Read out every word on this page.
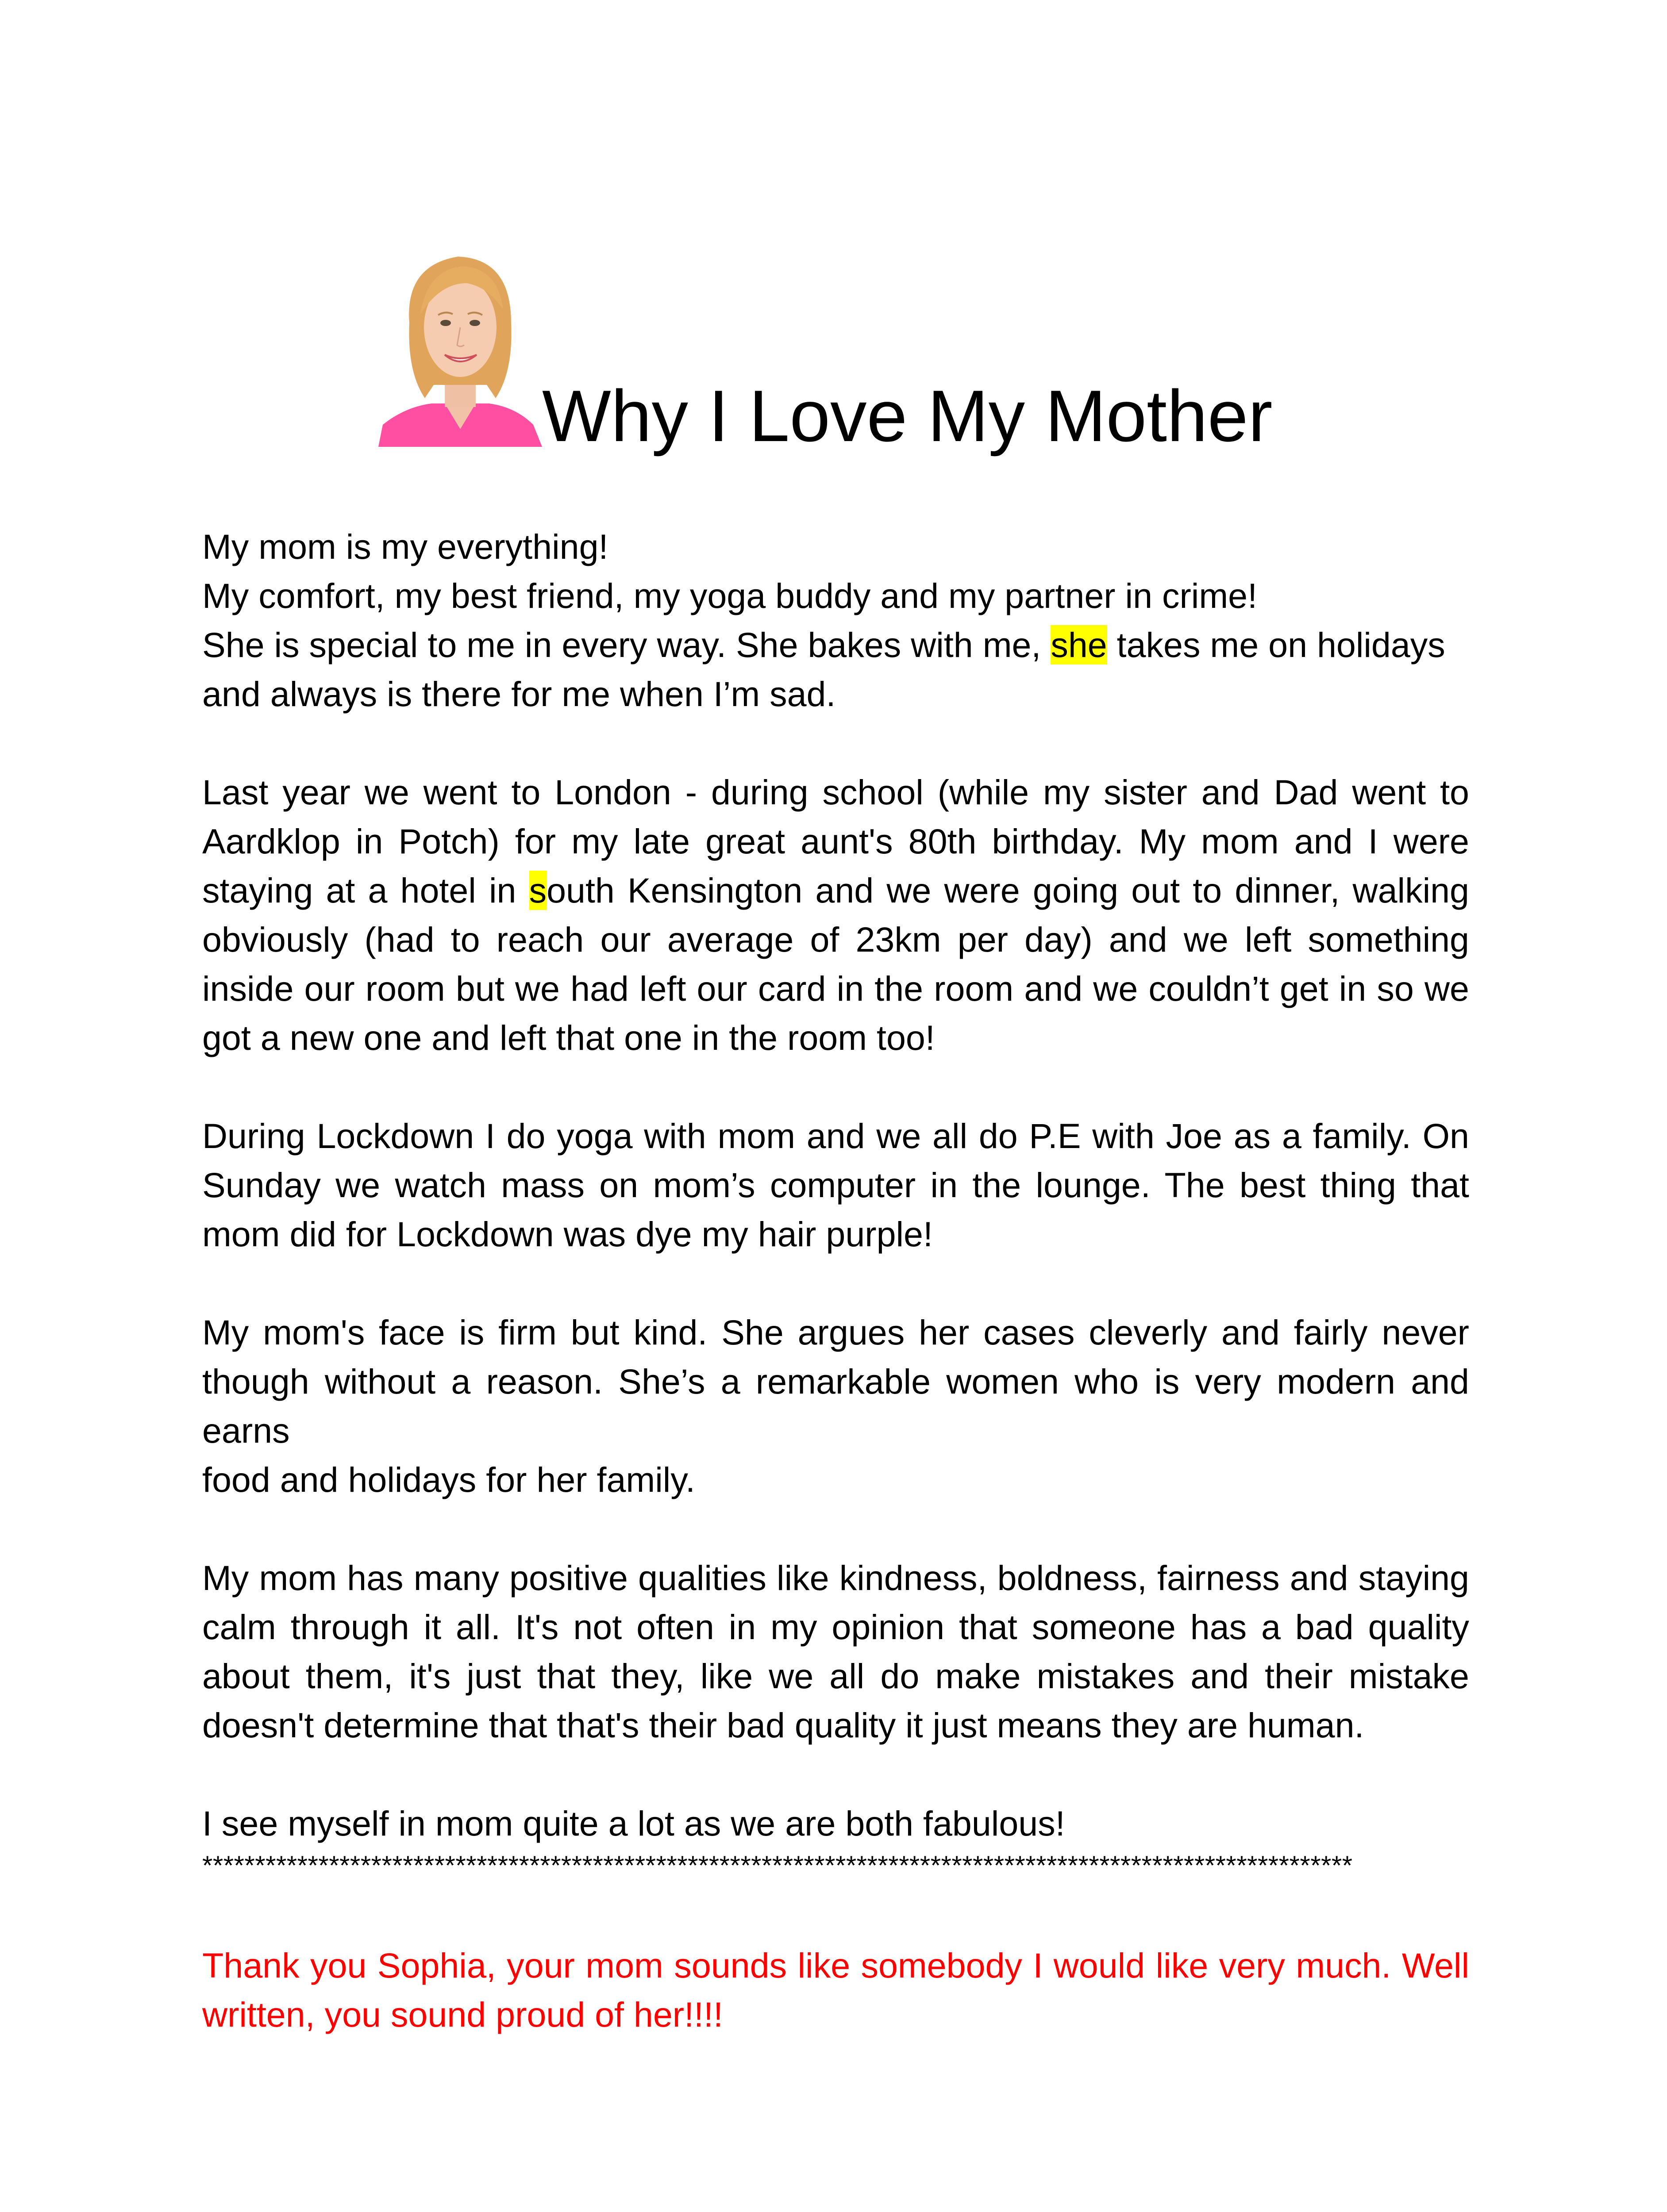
Why I Love My Mother
My mom is my everything!
My comfort, my best friend, my yoga buddy and my partner in crime!
She is special to me in every way. She bakes with me, she takes me on holidays
and always is there for me when I’m sad.

Last year we went to London - during school (while my sister and Dad went to Aardklop in Potch) for my late great aunt's 80th birthday. My mom and I were staying at a hotel in south Kensington and we were going out to dinner, walking obviously (had to reach our average of 23km per day) and we left something inside our room but we had left our card in the room and we couldn’t get in so we got a new one and left that one in the room too!

During Lockdown I do yoga with mom and we all do P.E with Joe as a family. On Sunday we watch mass on mom’s computer in the lounge. The best thing that mom did for Lockdown was dye my hair purple!

My mom's face is firm but kind. She argues her cases cleverly and fairly never though without a reason. She’s a remarkable women who is very modern and earns
food and holidays for her family.

My mom has many positive qualities like kindness, boldness, fairness and staying calm through it all. It's not often in my opinion that someone has a bad quality about them, it's just that they, like we all do make mistakes and their mistake doesn't determine that that's their bad quality it just means they are human.

I see myself in mom quite a lot as we are both fabulous!
*************************************************************************************************************

Thank you Sophia, your mom sounds like somebody I would like very much. Well written, you sound proud of her!!!!
